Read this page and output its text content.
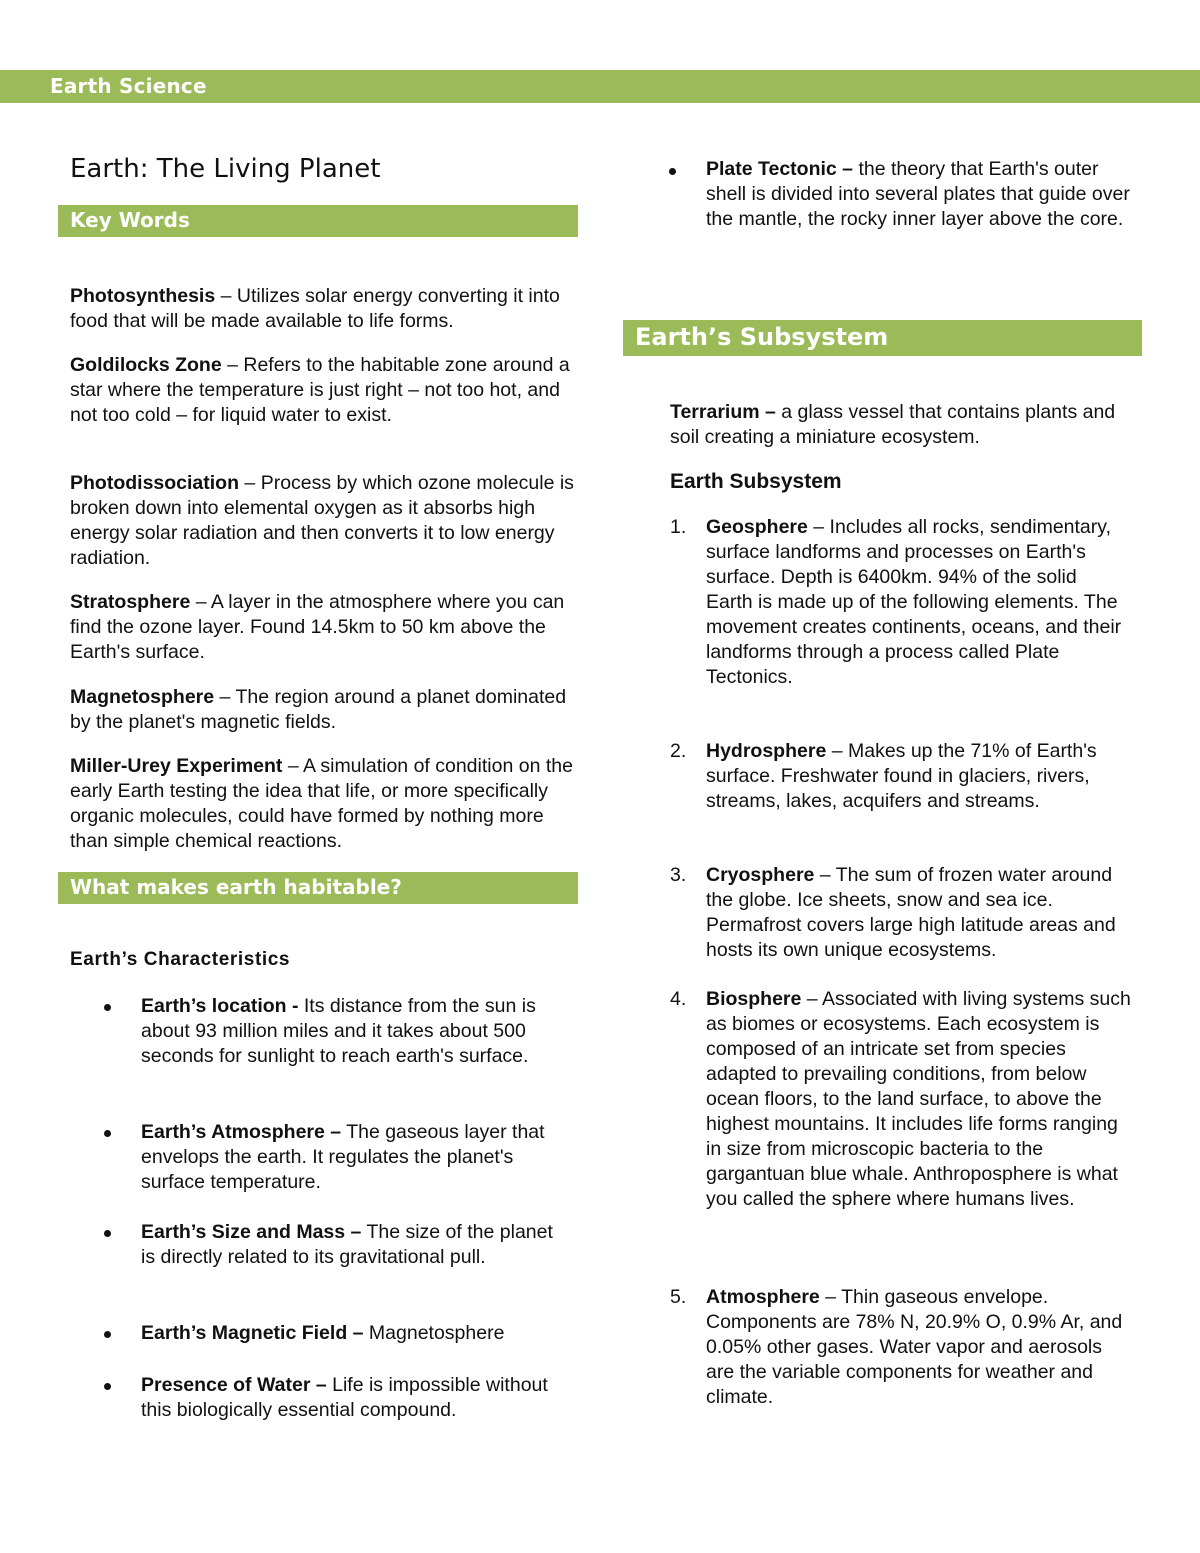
Earth Science
Earth: The Living Planet
Key Words

Photosynthesis – Utilizes solar energy converting it into food that will be made available to life forms.

Goldilocks Zone – Refers to the habitable zone around a star where the temperature is just right – not too hot, and not too cold – for liquid water to exist.

Photodissociation – Process by which ozone molecule is broken down into elemental oxygen as it absorbs high energy solar radiation and then converts it to low energy radiation.

Stratosphere – A layer in the atmosphere where you can find the ozone layer. Found 14.5km to 50 km above the Earth's surface.

Magnetosphere – The region around a planet dominated by the planet's magnetic fields.

Miller-Urey Experiment – A simulation of condition on the early Earth testing the idea that life, or more specifically organic molecules, could have formed by nothing more than simple chemical reactions.

What makes earth habitable?

Earth’s Characteristics

Earth’s location - Its distance from the sun is about 93 million miles and it takes about 500 seconds for sunlight to reach earth's surface.

Earth’s Atmosphere – The gaseous layer that envelops the earth. It regulates the planet's surface temperature.

Earth’s Size and Mass – The size of the planet is directly related to its gravitational pull.

Earth’s Magnetic Field – Magnetosphere

Presence of Water – Life is impossible without this biologically essential compound.

Plate Tectonic – the theory that Earth's outer shell is divided into several plates that guide over the mantle, the rocky inner layer above the core.

Earth’s Subsystem

Terrarium – a glass vessel that contains plants and soil creating a miniature ecosystem.

Earth Subsystem

1. Geosphere – Includes all rocks, sendimentary, surface landforms and processes on Earth's surface. Depth is 6400km. 94% of the solid Earth is made up of the following elements. The movement creates continents, oceans, and their landforms through a process called Plate Tectonics.

2. Hydrosphere – Makes up the 71% of Earth's surface. Freshwater found in glaciers, rivers, streams, lakes, acquifers and streams.

3. Cryosphere – The sum of frozen water around the globe. Ice sheets, snow and sea ice. Permafrost covers large high latitude areas and hosts its own unique ecosystems.

4. Biosphere – Associated with living systems such as biomes or ecosystems. Each ecosystem is composed of an intricate set from species adapted to prevailing conditions, from below ocean floors, to the land surface, to above the highest mountains. It includes life forms ranging in size from microscopic bacteria to the gargantuan blue whale. Anthroposphere is what you called the sphere where humans lives.

5. Atmosphere – Thin gaseous envelope. Components are 78% N, 20.9% O, 0.9% Ar, and 0.05% other gases. Water vapor and aerosols are the variable components for weather and climate.
